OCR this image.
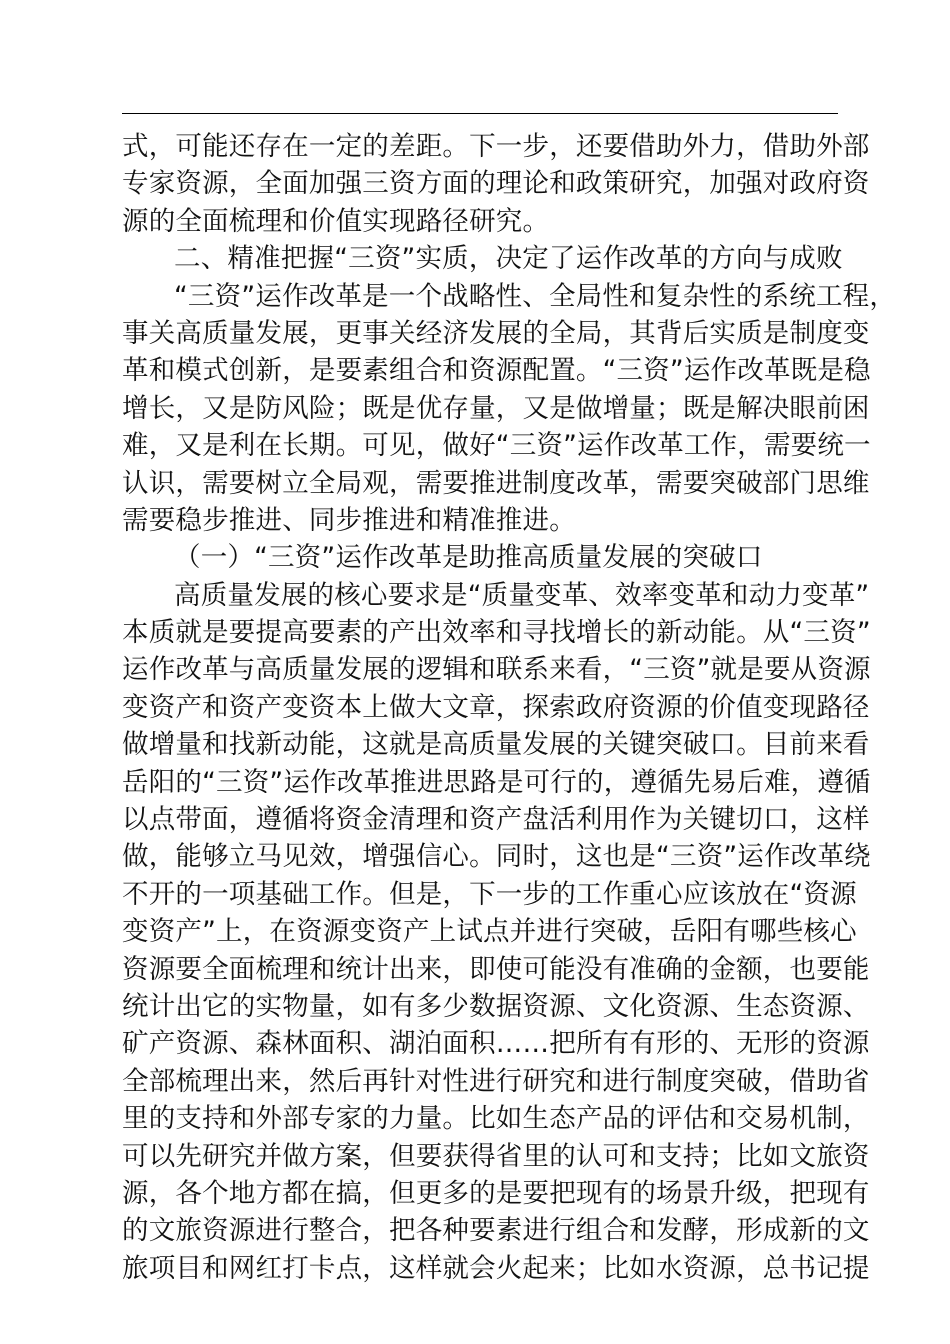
式，可能还存在一定的差距。下一步，还要借助外力，借助外部
专家资源，全面加强三资方面的理论和政策研究，加强对政府资
源的全面梳理和价值实现路径研究。
二、精准把握“三资”实质，决定了运作改革的方向与成败
“三资”运作改革是一个战略性、全局性和复杂性的系统工程，
事关高质量发展，更事关经济发展的全局，其背后实质是制度变
革和模式创新，是要素组合和资源配置。“三资”运作改革既是稳
增长，又是防风险；既是优存量，又是做增量；既是解决眼前困
难，又是利在长期。可见，做好“三资”运作改革工作，需要统一
认识，需要树立全局观，需要推进制度改革，需要突破部门思维
需要稳步推进、同步推进和精准推进。
（一）“三资”运作改革是助推高质量发展的突破口
高质量发展的核心要求是“质量变革、效率变革和动力变革”
本质就是要提高要素的产出效率和寻找增长的新动能。从“三资”
运作改革与高质量发展的逻辑和联系来看，“三资”就是要从资源
变资产和资产变资本上做大文章，探索政府资源的价值变现路径
做增量和找新动能，这就是高质量发展的关键突破口。目前来看
岳阳的“三资”运作改革推进思路是可行的，遵循先易后难，遵循
以点带面，遵循将资金清理和资产盘活利用作为关键切口，这样
做，能够立马见效，增强信心。同时，这也是“三资”运作改革绕
不开的一项基础工作。但是，下一步的工作重心应该放在“资源
变资产”上，在资源变资产上试点并进行突破，岳阳有哪些核心
资源要全面梳理和统计出来，即使可能没有准确的金额，也要能
统计出它的实物量，如有多少数据资源、文化资源、生态资源、
矿产资源、森林面积、湖泊面积……把所有有形的、无形的资源
全部梳理出来，然后再针对性进行研究和进行制度突破，借助省
里的支持和外部专家的力量。比如生态产品的评估和交易机制，
可以先研究并做方案，但要获得省里的认可和支持；比如文旅资
源，各个地方都在搞，但更多的是要把现有的场景升级，把现有
的文旅资源进行整合，把各种要素进行组合和发酵，形成新的文
旅项目和网红打卡点，这样就会火起来；比如水资源，总书记提
